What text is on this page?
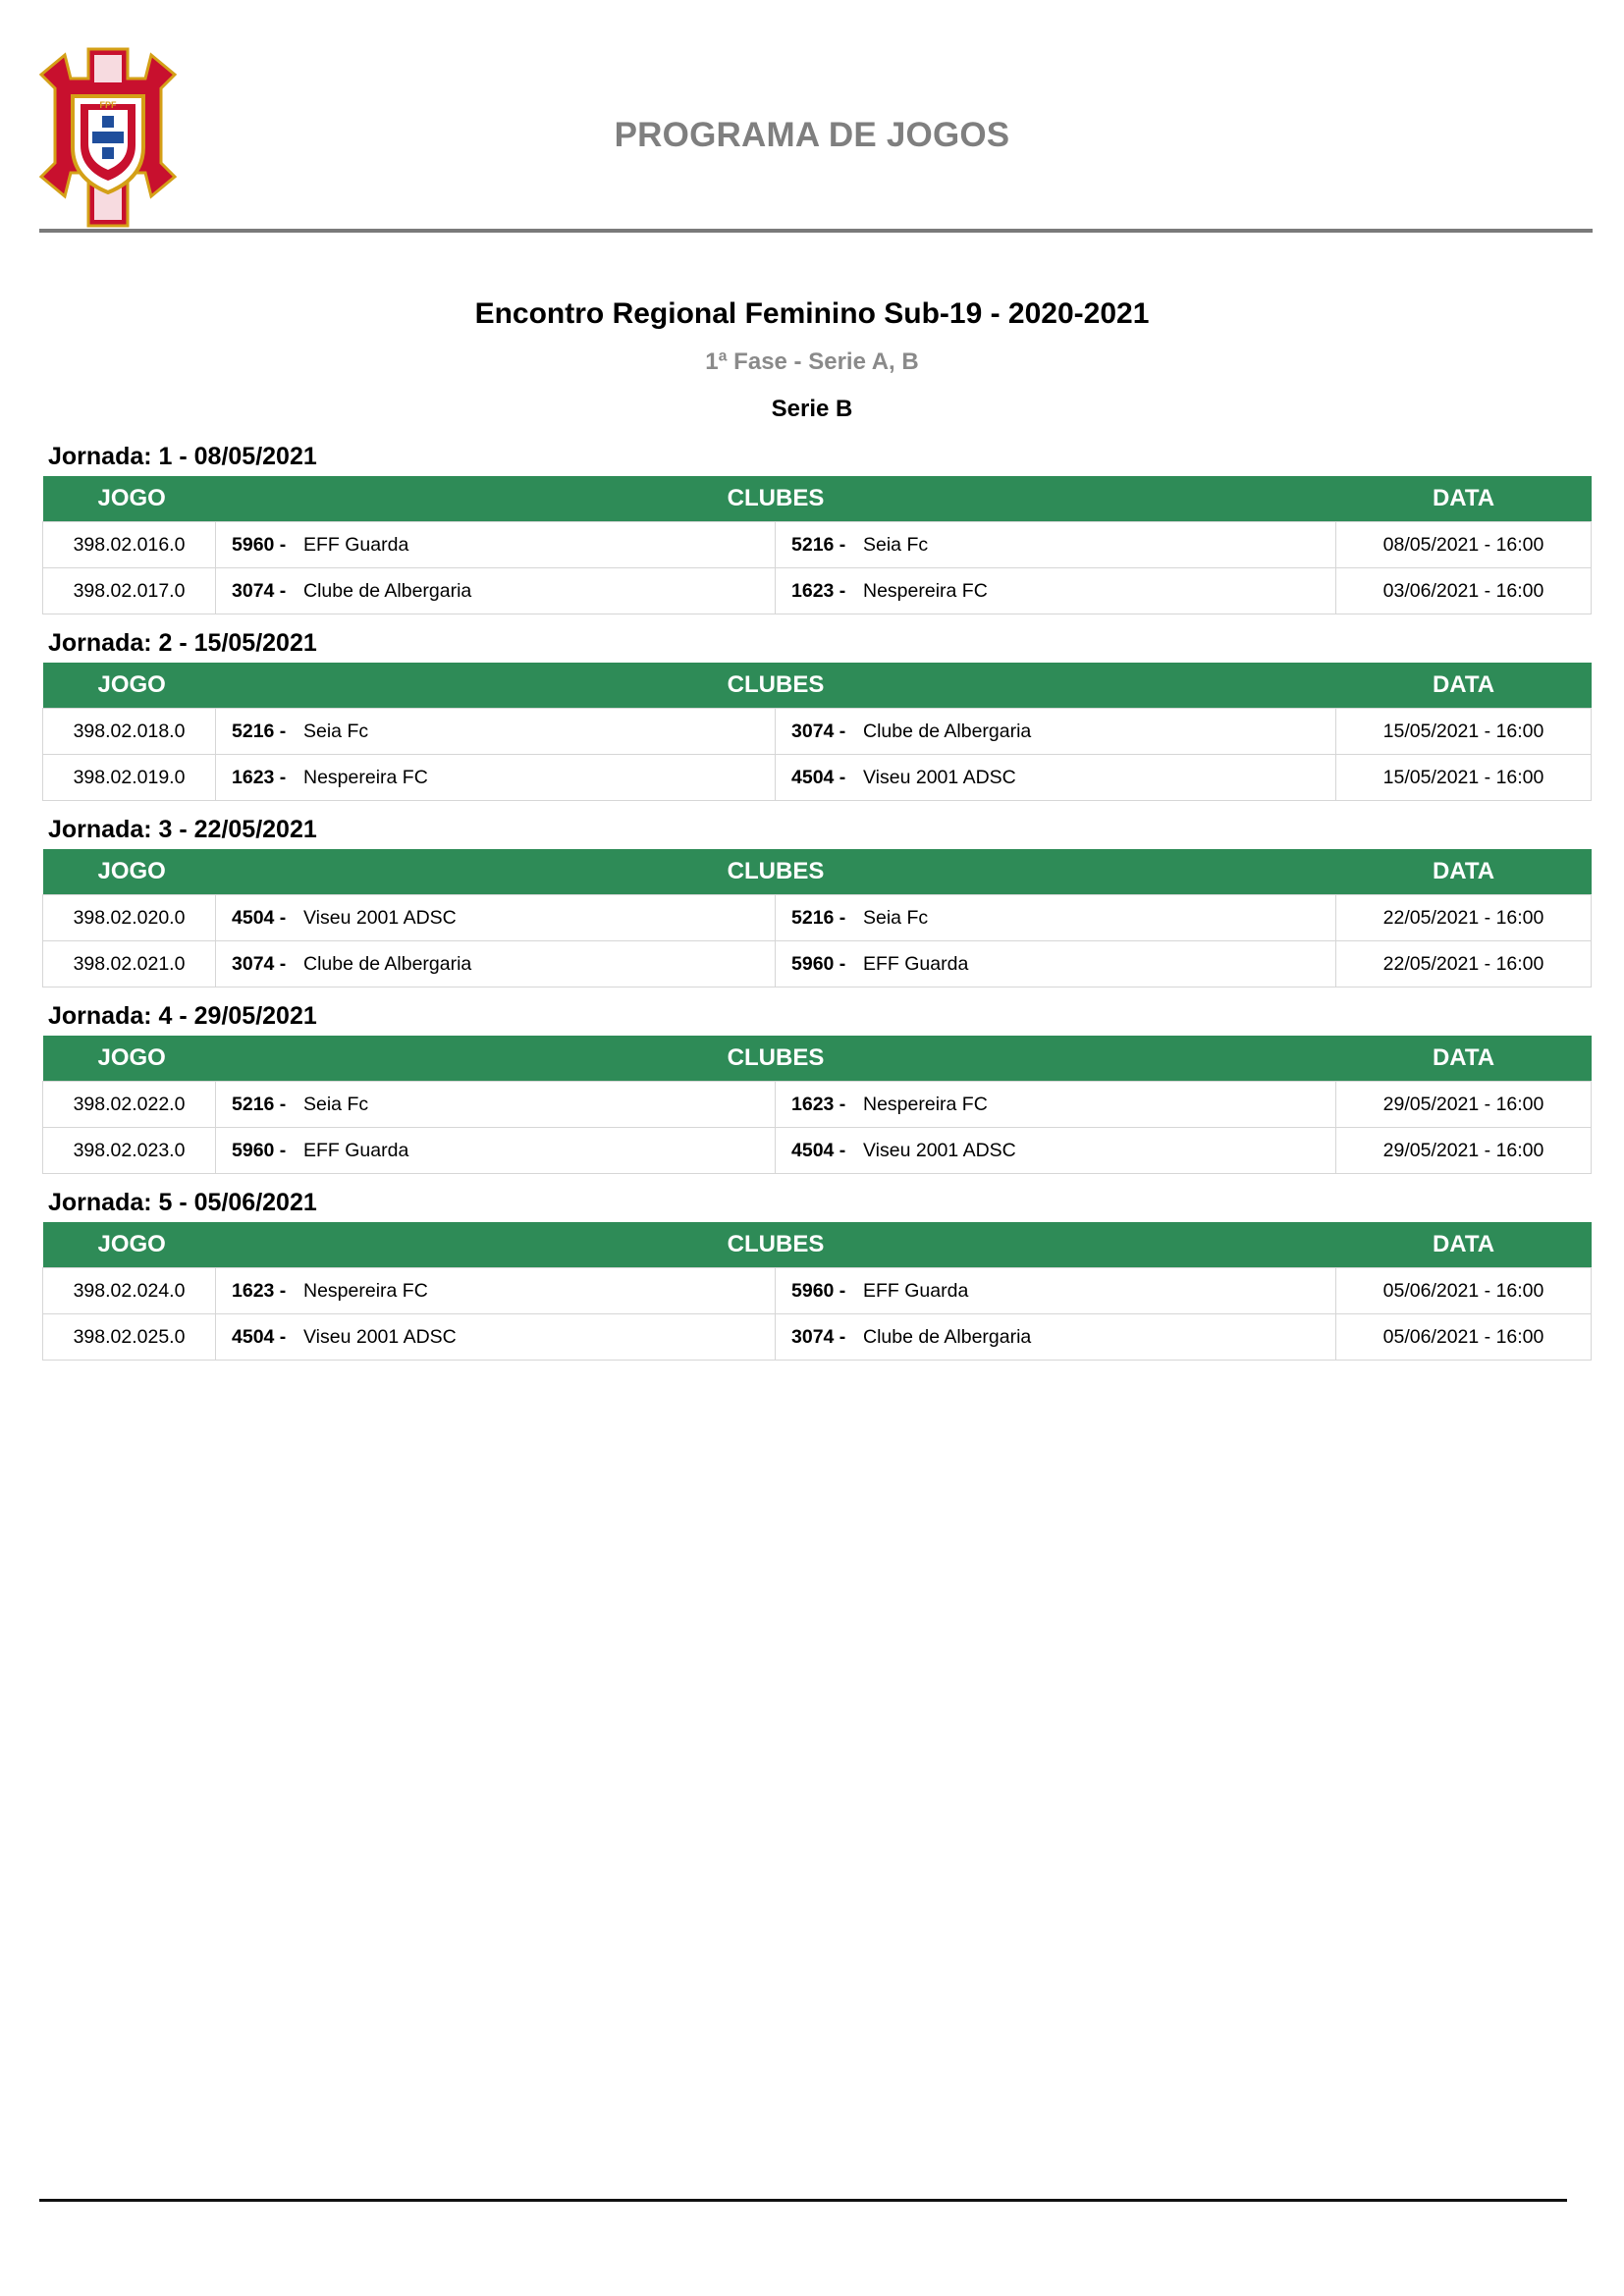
FPF
PROGRAMA DE JOGOS
Encontro Regional Feminino Sub-19 - 2020-2021
1ª Fase - Serie A, B
Serie B
Jornada: 1 - 08/05/2021
JOGO	CLUBES		DATA
398.02.016.0	5960 - EFF Guarda	5216 - Seia Fc	08/05/2021 - 16:00
398.02.017.0	3074 - Clube de Albergaria	1623 - Nespereira FC	03/06/2021 - 16:00
Jornada: 2 - 15/05/2021
JOGO	CLUBES		DATA
398.02.018.0	5216 - Seia Fc	3074 - Clube de Albergaria	15/05/2021 - 16:00
398.02.019.0	1623 - Nespereira FC	4504 - Viseu 2001 ADSC	15/05/2021 - 16:00
Jornada: 3 - 22/05/2021
JOGO	CLUBES		DATA
398.02.020.0	4504 - Viseu 2001 ADSC	5216 - Seia Fc	22/05/2021 - 16:00
398.02.021.0	3074 - Clube de Albergaria	5960 - EFF Guarda	22/05/2021 - 16:00
Jornada: 4 - 29/05/2021
JOGO	CLUBES		DATA
398.02.022.0	5216 - Seia Fc	1623 - Nespereira FC	29/05/2021 - 16:00
398.02.023.0	5960 - EFF Guarda	4504 - Viseu 2001 ADSC	29/05/2021 - 16:00
Jornada: 5 - 05/06/2021
JOGO	CLUBES		DATA
398.02.024.0	1623 - Nespereira FC	5960 - EFF Guarda	05/06/2021 - 16:00
398.02.025.0	4504 - Viseu 2001 ADSC	3074 - Clube de Albergaria	05/06/2021 - 16:00
